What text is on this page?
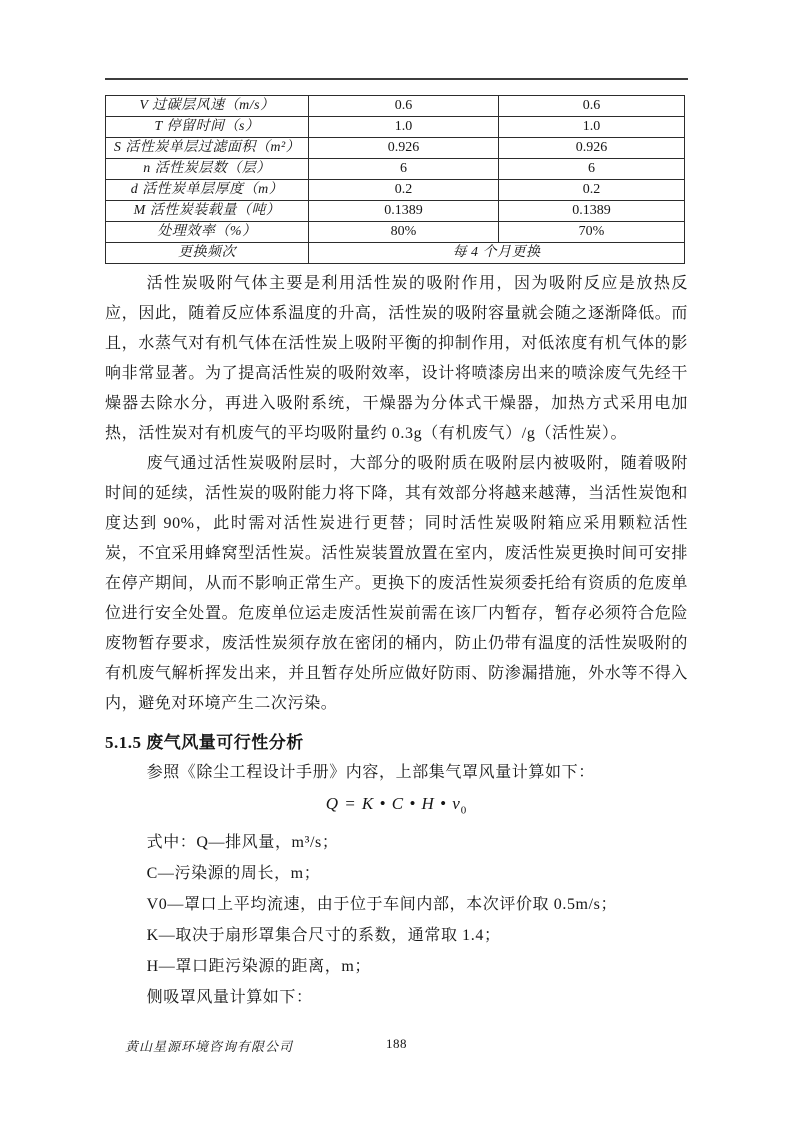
V 过碳层风速（m/s）	0.6	0.6
T 停留时间（s）	1.0	1.0
S 活性炭单层过滤面积（m²）	0.926	0.926
n 活性炭层数（层）	6	6
d 活性炭单层厚度（m）	0.2	0.2
M 活性炭装载量（吨）	0.1389	0.1389
处理效率（%）	80%	70%
更换频次	每 4 个月更换	

活性炭吸附气体主要是利用活性炭的吸附作用，因为吸附反应是放热反应，因此，随着反应体系温度的升高，活性炭的吸附容量就会随之逐渐降低。而且，水蒸气对有机气体在活性炭上吸附平衡的抑制作用，对低浓度有机气体的影响非常显著。为了提高活性炭的吸附效率，设计将喷漆房出来的喷涂废气先经干燥器去除水分，再进入吸附系统，干燥器为分体式干燥器，加热方式采用电加热，活性炭对有机废气的平均吸附量约 0.3g（有机废气）/g（活性炭）。

废气通过活性炭吸附层时，大部分的吸附质在吸附层内被吸附，随着吸附时间的延续，活性炭的吸附能力将下降，其有效部分将越来越薄，当活性炭饱和度达到 90%，此时需对活性炭进行更替；同时活性炭吸附箱应采用颗粒活性炭，不宜采用蜂窝型活性炭。活性炭装置放置在室内，废活性炭更换时间可安排在停产期间，从而不影响正常生产。更换下的废活性炭须委托给有资质的危废单位进行安全处置。危废单位运走废活性炭前需在该厂内暂存，暂存必须符合危险废物暂存要求，废活性炭须存放在密闭的桶内，防止仍带有温度的活性炭吸附的有机废气解析挥发出来，并且暂存处所应做好防雨、防渗漏措施，外水等不得入内，避免对环境产生二次污染。

5.1.5 废气风量可行性分析

参照《除尘工程设计手册》内容，上部集气罩风量计算如下：

Q = K • C • H • $v_0$

式中：Q—排风量，m³/s；

C—污染源的周长，m；

V0—罩口上平均流速，由于位于车间内部，本次评价取 0.5m/s；

K—取决于扇形罩集合尺寸的系数，通常取 1.4；

H—罩口距污染源的距离，m；

侧吸罩风量计算如下：

黄山星源环境咨询有限公司	188
